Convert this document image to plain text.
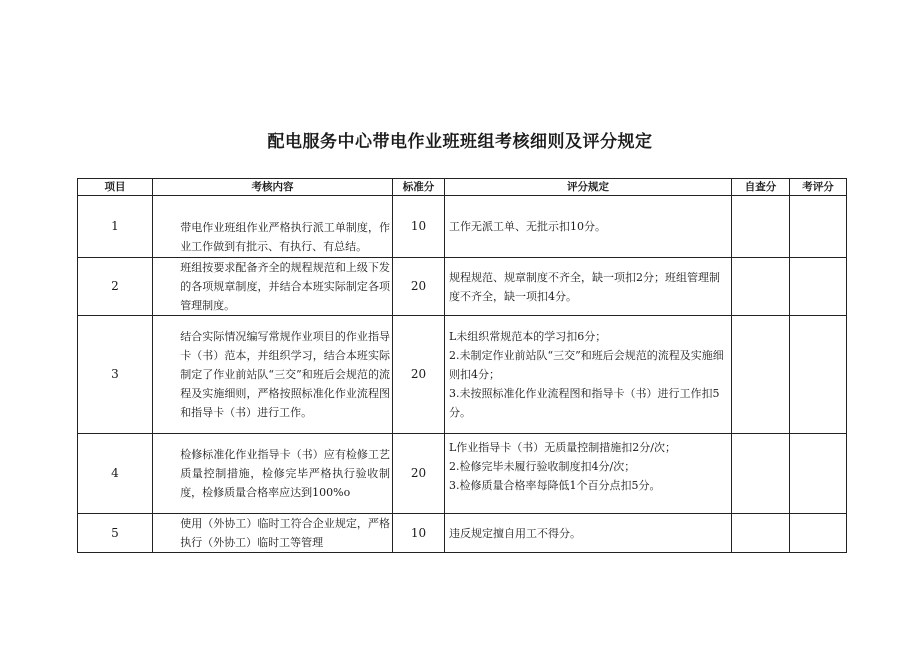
配电服务中心带电作业班班组考核细则及评分规定
项目	考核内容	标准分	评分规定	自查分	考评分
1	带电作业班组作业严格执行派工单制度，作业工作做到有批示、有执行、有总结。	10	工作无派工单、无批示扣10分。		

2	班组按要求配备齐全的规程规范和上级下发的各项规章制度，并结合本班实际制定各项管理制度。	20	规程规范、规章制度不齐全，缺一项扣2分；班组管理制度不齐全，缺一项扣4分。		

3	结合实际情况编写常规作业项目的作业指导卡（书）范本，并组织学习，结合本班实际制定了作业前站队“三交”和班后会规范的流程及实施细则，严格按照标准化作业流程图和指导卡（书）进行工作。	20	L未组织常规范本的学习扣6分；
2.未制定作业前站队“三交”和班后会规范的流程及实施细则扣4分；
3.未按照标准化作业流程图和指导卡（书）进行工作扣5分。		

4	检修标准化作业指导卡（书）应有检修工艺质量控制措施，检修完毕严格执行验收制度，检修质量合格率应达到100%o	20	L作业指导卡（书）无质量控制措施扣2分/次；
2.检修完毕未履行验收制度扣4分/次；
3.检修质量合格率每降低1个百分点扣5分。		

5	使用（外协工）临时工符合企业规定，严格执行（外协工）临时工等管理	10	违反规定擅自用工不得分。		
